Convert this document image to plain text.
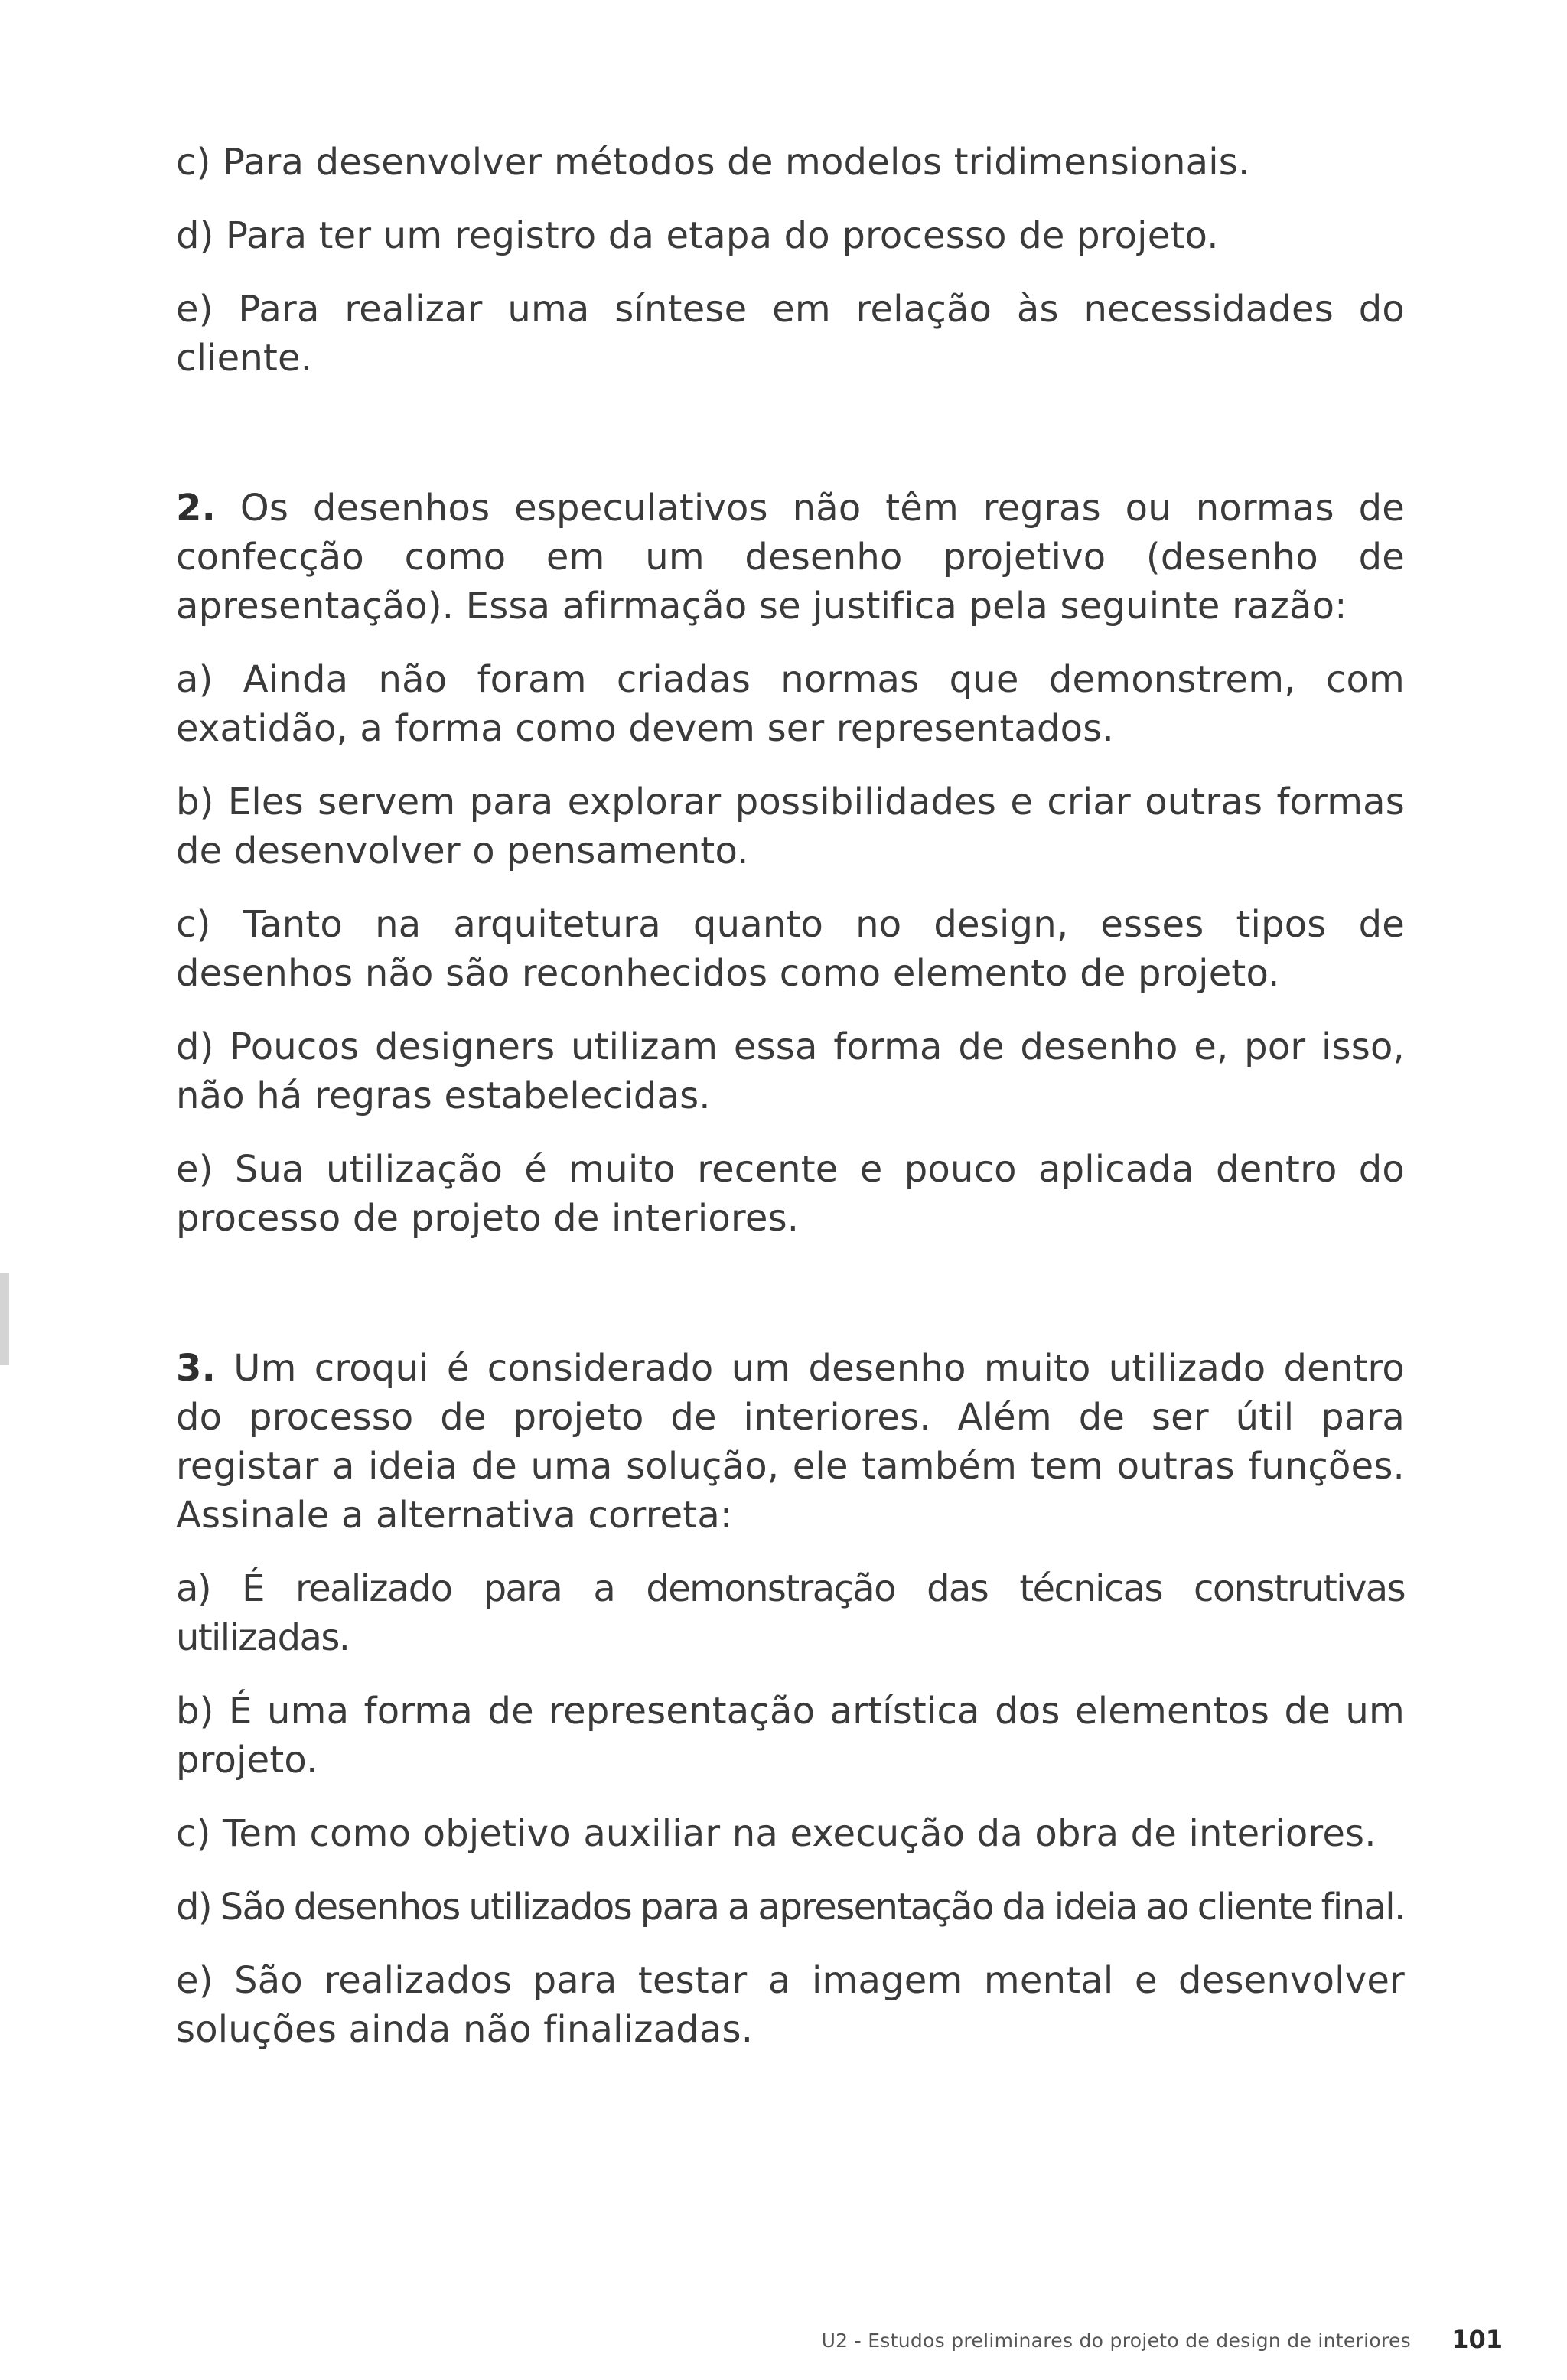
c) Para desenvolver métodos de modelos tridimensionais.

d) Para ter um registro da etapa do processo de projeto.

e) Para realizar uma síntese em relação às necessidades do cliente.

2. Os desenhos especulativos não têm regras ou normas de confecção como em um desenho projetivo (desenho de apresentação). Essa afirmação se justifica pela seguinte razão:

a) Ainda não foram criadas normas que demonstrem, com exatidão, a forma como devem ser representados.

b) Eles servem para explorar possibilidades e criar outras formas de desenvolver o pensamento.

c) Tanto na arquitetura quanto no design, esses tipos de desenhos não são reconhecidos como elemento de projeto.

d) Poucos designers utilizam essa forma de desenho e, por isso, não há regras estabelecidas.

e) Sua utilização é muito recente e pouco aplicada dentro do processo de projeto de interiores.

3. Um croqui é considerado um desenho muito utilizado dentro do processo de projeto de interiores. Além de ser útil para registar a ideia de uma solução, ele também tem outras funções. Assinale a alternativa correta:

a) É realizado para a demonstração das técnicas construtivas utilizadas.

b) É uma forma de representação artística dos elementos de um projeto.

c) Tem como objetivo auxiliar na execução da obra de interiores.

d) São desenhos utilizados para a apresentação da ideia ao cliente final.

e) São realizados para testar a imagem mental e desenvolver soluções ainda não finalizadas.

U2 - Estudos preliminares do projeto de design de interiores 101
